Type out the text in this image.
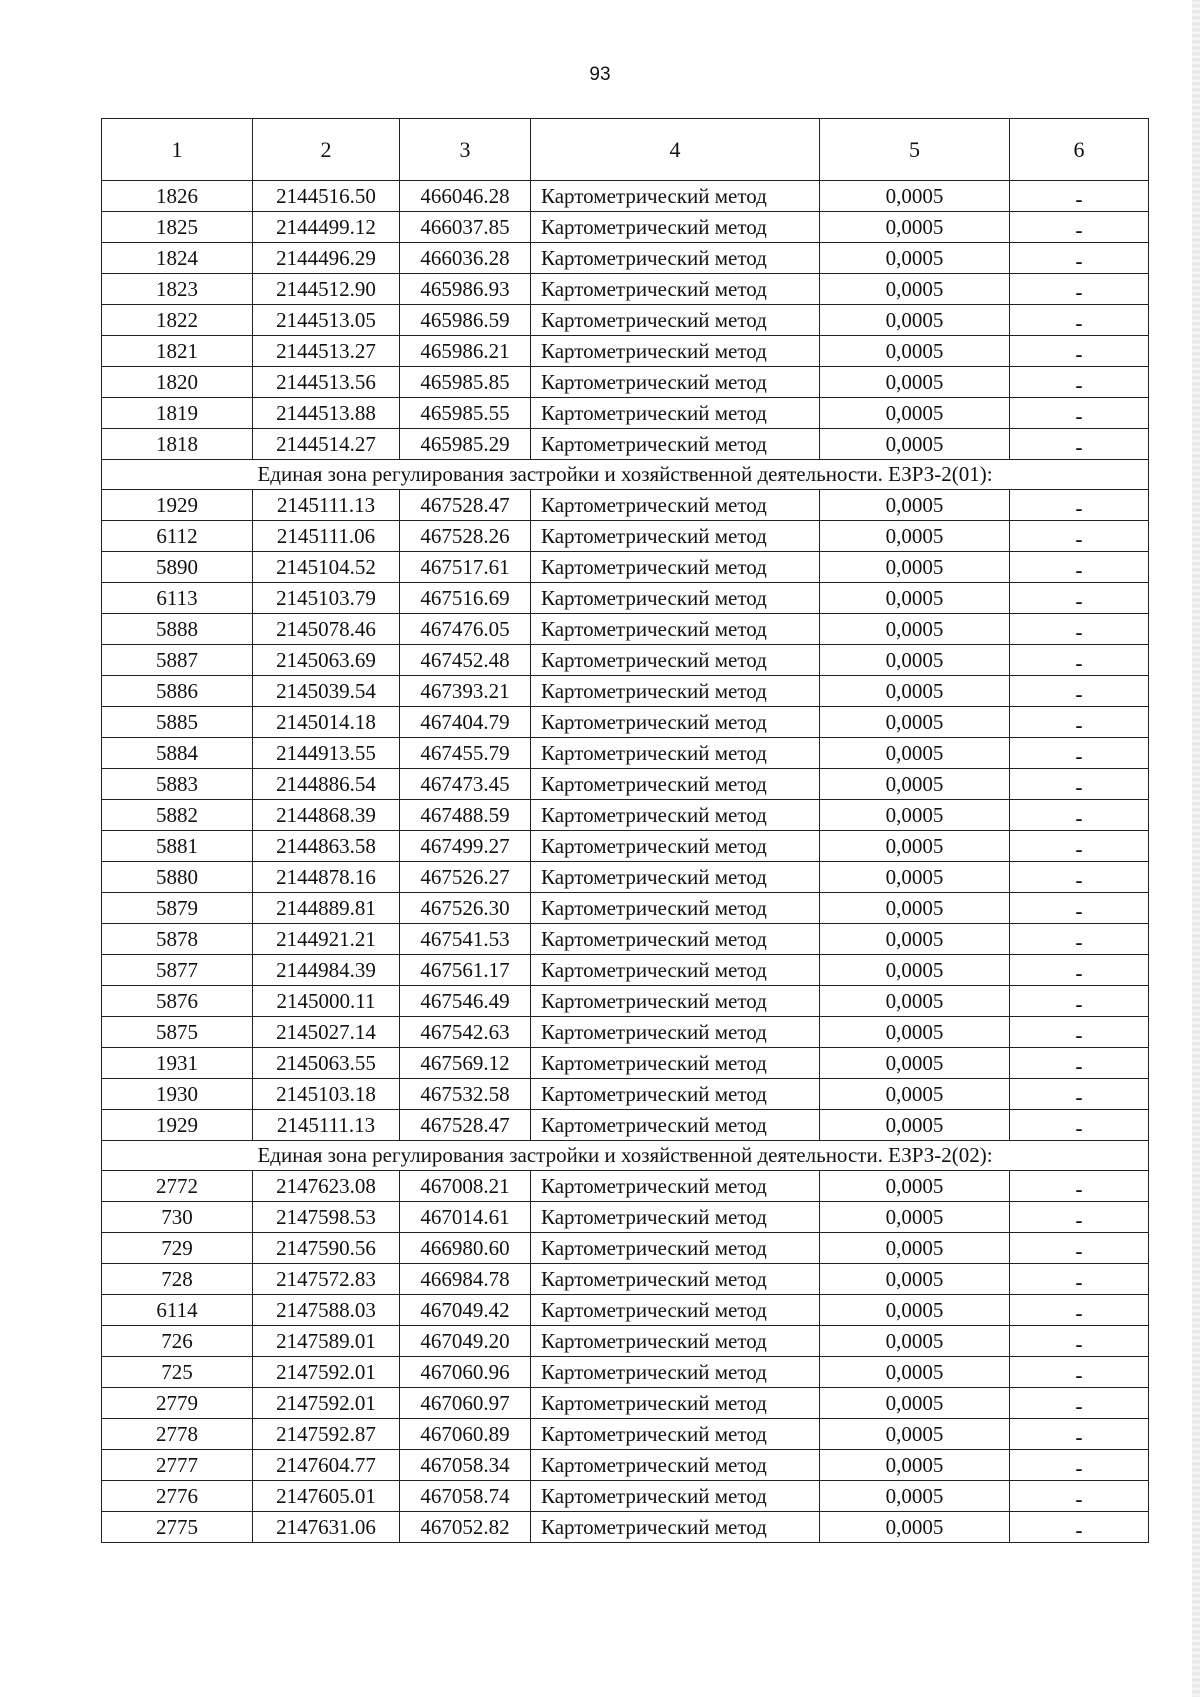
93
1	2	3	4	5	6
1826	2144516.50	466046.28	Картометрический метод	0,0005	-
1825	2144499.12	466037.85	Картометрический метод	0,0005	-
1824	2144496.29	466036.28	Картометрический метод	0,0005	-
1823	2144512.90	465986.93	Картометрический метод	0,0005	-
1822	2144513.05	465986.59	Картометрический метод	0,0005	-
1821	2144513.27	465986.21	Картометрический метод	0,0005	-
1820	2144513.56	465985.85	Картометрический метод	0,0005	-
1819	2144513.88	465985.55	Картометрический метод	0,0005	-
1818	2144514.27	465985.29	Картометрический метод	0,0005	-
Единая зона регулирования застройки и хозяйственной деятельности. ЕЗРЗ-2(01):					
1929	2145111.13	467528.47	Картометрический метод	0,0005	-
6112	2145111.06	467528.26	Картометрический метод	0,0005	-
5890	2145104.52	467517.61	Картометрический метод	0,0005	-
6113	2145103.79	467516.69	Картометрический метод	0,0005	-
5888	2145078.46	467476.05	Картометрический метод	0,0005	-
5887	2145063.69	467452.48	Картометрический метод	0,0005	-
5886	2145039.54	467393.21	Картометрический метод	0,0005	-
5885	2145014.18	467404.79	Картометрический метод	0,0005	-
5884	2144913.55	467455.79	Картометрический метод	0,0005	-
5883	2144886.54	467473.45	Картометрический метод	0,0005	-
5882	2144868.39	467488.59	Картометрический метод	0,0005	-
5881	2144863.58	467499.27	Картометрический метод	0,0005	-
5880	2144878.16	467526.27	Картометрический метод	0,0005	-
5879	2144889.81	467526.30	Картометрический метод	0,0005	-
5878	2144921.21	467541.53	Картометрический метод	0,0005	-
5877	2144984.39	467561.17	Картометрический метод	0,0005	-
5876	2145000.11	467546.49	Картометрический метод	0,0005	-
5875	2145027.14	467542.63	Картометрический метод	0,0005	-
1931	2145063.55	467569.12	Картометрический метод	0,0005	-
1930	2145103.18	467532.58	Картометрический метод	0,0005	-
1929	2145111.13	467528.47	Картометрический метод	0,0005	-
Единая зона регулирования застройки и хозяйственной деятельности. ЕЗРЗ-2(02):					
2772	2147623.08	467008.21	Картометрический метод	0,0005	-
730	2147598.53	467014.61	Картометрический метод	0,0005	-
729	2147590.56	466980.60	Картометрический метод	0,0005	-
728	2147572.83	466984.78	Картометрический метод	0,0005	-
6114	2147588.03	467049.42	Картометрический метод	0,0005	-
726	2147589.01	467049.20	Картометрический метод	0,0005	-
725	2147592.01	467060.96	Картометрический метод	0,0005	-
2779	2147592.01	467060.97	Картометрический метод	0,0005	-
2778	2147592.87	467060.89	Картометрический метод	0,0005	-
2777	2147604.77	467058.34	Картометрический метод	0,0005	-
2776	2147605.01	467058.74	Картометрический метод	0,0005	-
2775	2147631.06	467052.82	Картометрический метод	0,0005	-
